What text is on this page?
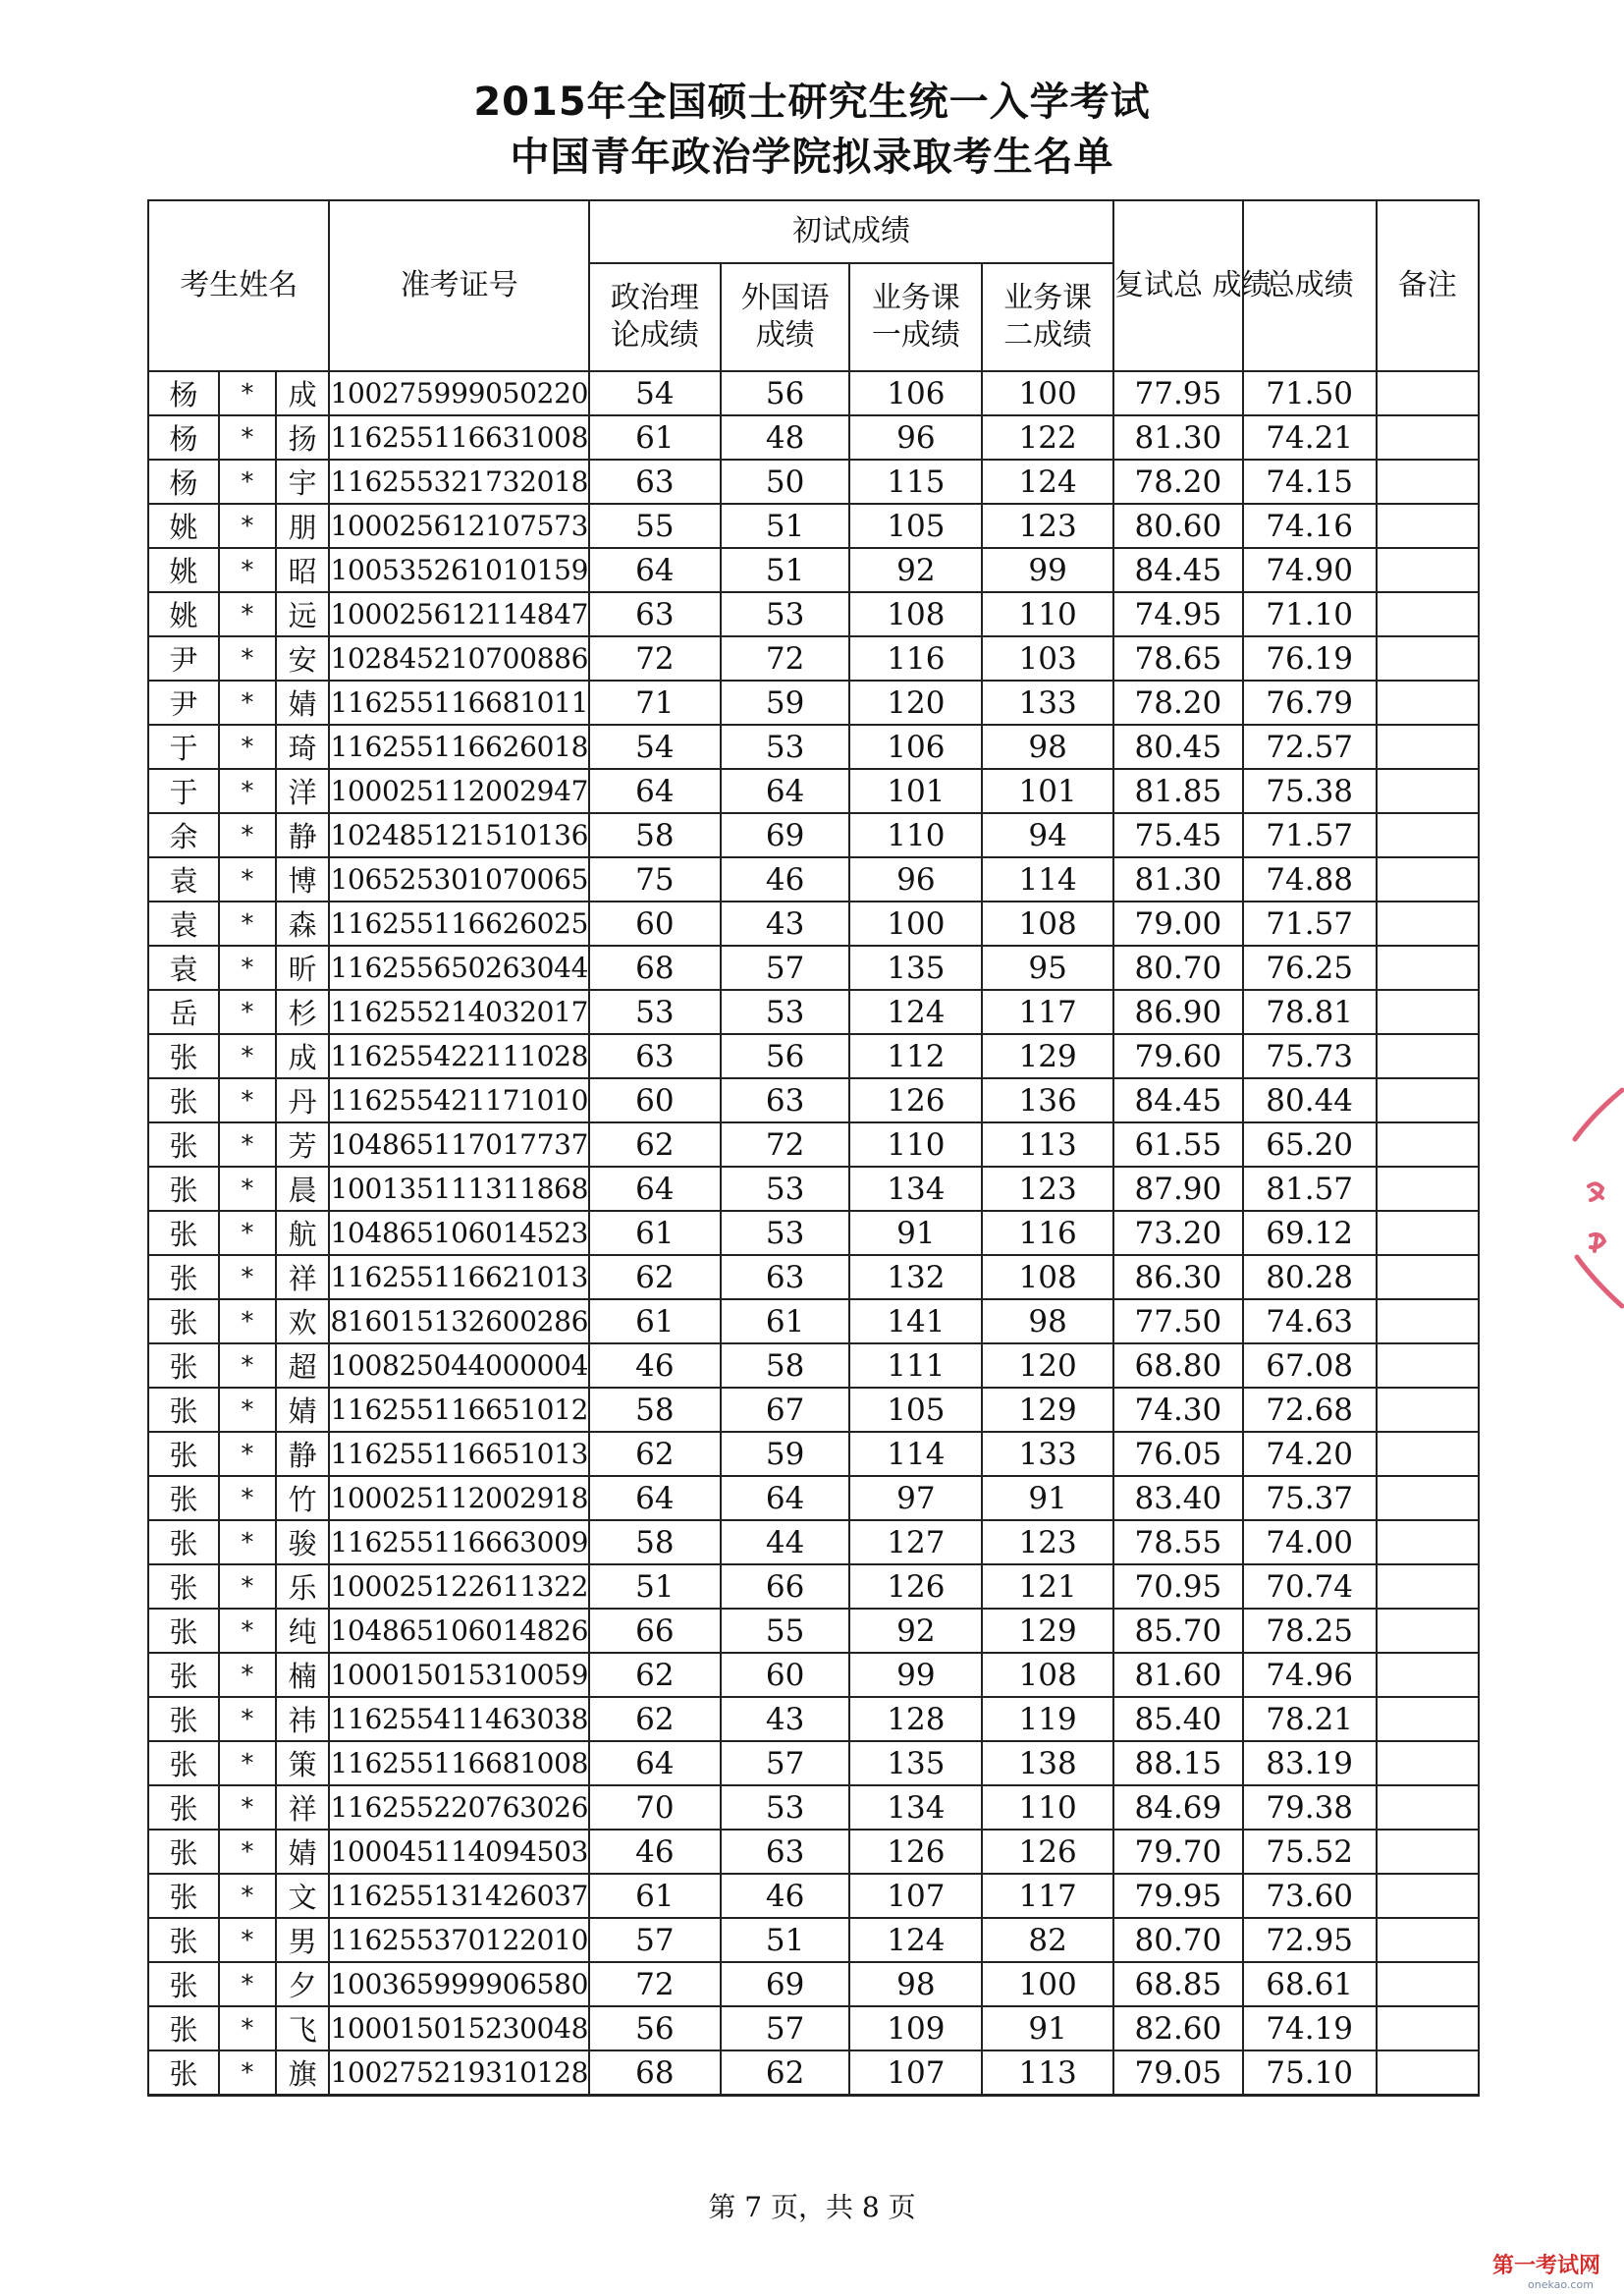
2015年全国硕士研究生统一入学考试
中国青年政治学院拟录取考生名单
考生姓名			准考证号	初试成绩				复试总 成绩	总成绩	备注

				政治理
论成绩	外国语
成绩	业务课
一成绩	业务课
二成绩			

杨	*	成	100275999050220	54	56	106	100	77.95	71.50	
杨	*	扬	116255116631008	61	48	96	122	81.30	74.21	
杨	*	宇	116255321732018	63	50	115	124	78.20	74.15	
姚	*	朋	100025612107573	55	51	105	123	80.60	74.16	
姚	*	昭	100535261010159	64	51	92	99	84.45	74.90	
姚	*	远	100025612114847	63	53	108	110	74.95	71.10	
尹	*	安	102845210700886	72	72	116	103	78.65	76.19	
尹	*	婧	116255116681011	71	59	120	133	78.20	76.79	
于	*	琦	116255116626018	54	53	106	98	80.45	72.57	
于	*	洋	100025112002947	64	64	101	101	81.85	75.38	
余	*	静	102485121510136	58	69	110	94	75.45	71.57	
袁	*	博	106525301070065	75	46	96	114	81.30	74.88	
袁	*	森	116255116626025	60	43	100	108	79.00	71.57	
袁	*	昕	116255650263044	68	57	135	95	80.70	76.25	
岳	*	杉	116255214032017	53	53	124	117	86.90	78.81	
张	*	成	116255422111028	63	56	112	129	79.60	75.73	
张	*	丹	116255421171010	60	63	126	136	84.45	80.44	
张	*	芳	104865117017737	62	72	110	113	61.55	65.20	
张	*	晨	100135111311868	64	53	134	123	87.90	81.57	
张	*	航	104865106014523	61	53	91	116	73.20	69.12	
张	*	祥	116255116621013	62	63	132	108	86.30	80.28	
张	*	欢	816015132600286	61	61	141	98	77.50	74.63	
张	*	超	100825044000004	46	58	111	120	68.80	67.08	
张	*	婧	116255116651012	58	67	105	129	74.30	72.68	
张	*	静	116255116651013	62	59	114	133	76.05	74.20	
张	*	竹	100025112002918	64	64	97	91	83.40	75.37	
张	*	骏	116255116663009	58	44	127	123	78.55	74.00	
张	*	乐	100025122611322	51	66	126	121	70.95	70.74	
张	*	纯	104865106014826	66	55	92	129	85.70	78.25	
张	*	楠	100015015310059	62	60	99	108	81.60	74.96	
张	*	祎	116255411463038	62	43	128	119	85.40	78.21	
张	*	策	116255116681008	64	57	135	138	88.15	83.19	
张	*	祥	116255220763026	70	53	134	110	84.69	79.38	
张	*	婧	100045114094503	46	63	126	126	79.70	75.52	
张	*	文	116255131426037	61	46	107	117	79.95	73.60	
张	*	男	116255370122010	57	51	124	82	80.70	72.95	
张	*	夕	100365999906580	72	69	98	100	68.85	68.61	
张	*	飞	100015015230048	56	57	109	91	82.60	74.19	
张	*	旗	100275219310128	68	62	107	113	79.05	75.10	
第 7 页，共 8 页
第一考试网
onekao.com
